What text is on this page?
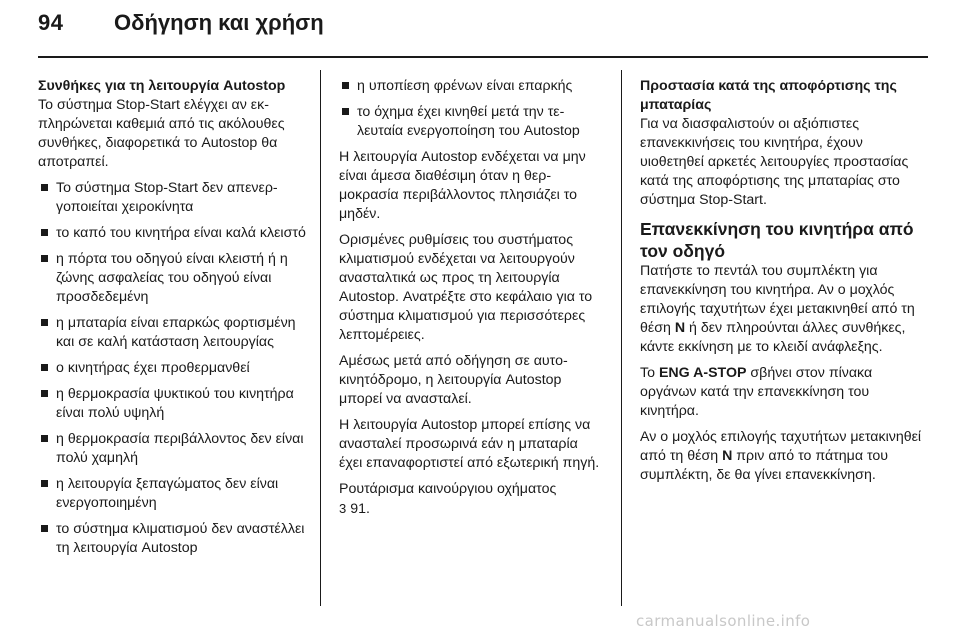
94 Οδήγηση και χρήση
Συνθήκες για τη λειτουργία Autostop

Το σύστημα Stop-Start ελέγχει αν εκπληρώνεται καθεμιά από τις ακόλουθες συνθήκες, διαφορετικά το Autostop θα αποτραπεί.

Το σύστημα Stop-Start δεν απενεργοποιείται χειροκίνητα
το καπό του κινητήρα είναι καλά κλειστό
η πόρτα του οδηγού είναι κλειστή ή η ζώνης ασφαλείας του οδηγού είναι προσδεδεμένη
η μπαταρία είναι επαρκώς φορτισμένη και σε καλή κατάσταση λειτουργίας
ο κινητήρας έχει προθερμανθεί
η θερμοκρασία ψυκτικού του κινητήρα είναι πολύ υψηλή
η θερμοκρασία περιβάλλοντος δεν είναι πολύ χαμηλή
η λειτουργία ξεπαγώματος δεν είναι ενεργοποιημένη
το σύστημα κλιματισμού δεν αναστέλλει τη λειτουργία Autostop
η υποπίεση φρένων είναι επαρκής
το όχημα έχει κινηθεί μετά την τελευταία ενεργοποίηση του Autostop

Η λειτουργία Autostop ενδέχεται να μην είναι άμεσα διαθέσιμη όταν η θερμοκρασία περιβάλλοντος πλησιάζει το μηδέν.

Ορισμένες ρυθμίσεις του συστήματος κλιματισμού ενδέχεται να λειτουργούν ανασταλτικά ως προς τη λειτουργία Autostop. Ανατρέξτε στο κεφάλαιο για το σύστημα κλιματισμού για περισσότερες λεπτομέρειες.

Αμέσως μετά από οδήγηση σε αυτοκινητόδρομο, η λειτουργία Autostop μπορεί να ανασταλεί.

Η λειτουργία Autostop μπορεί επίσης να ανασταλεί προσωρινά εάν η μπαταρία έχει επαναφορτιστεί από εξωτερική πηγή.

Ρουτάρισμα καινούργιου οχήματος
3 91.

Προστασία κατά της αποφόρτισης της μπαταρίας

Για να διασφαλιστούν οι αξιόπιστες επανεκκινήσεις του κινητήρα, έχουν υιοθετηθεί αρκετές λειτουργίες προστασίας κατά της αποφόρτισης της μπαταρίας στο σύστημα Stop-Start.

Επανεκκίνηση του κινητήρα από τον οδηγό

Πατήστε το πεντάλ του συμπλέκτη για επανεκκίνηση του κινητήρα. Αν ο μοχλός επιλογής ταχυτήτων έχει μετακινηθεί από τη θέση N ή δεν πληρούνται άλλες συνθήκες, κάντε εκκίνηση με το κλειδί ανάφλεξης.

Το ENG A-STOP σβήνει στον πίνακα οργάνων κατά την επανεκκίνηση του κινητήρα.

Αν ο μοχλός επιλογής ταχυτήτων μετακινηθεί από τη θέση N πριν από το πάτημα του συμπλέκτη, δε θα γίνει επανεκκίνηση.

carmanualsonline.info
